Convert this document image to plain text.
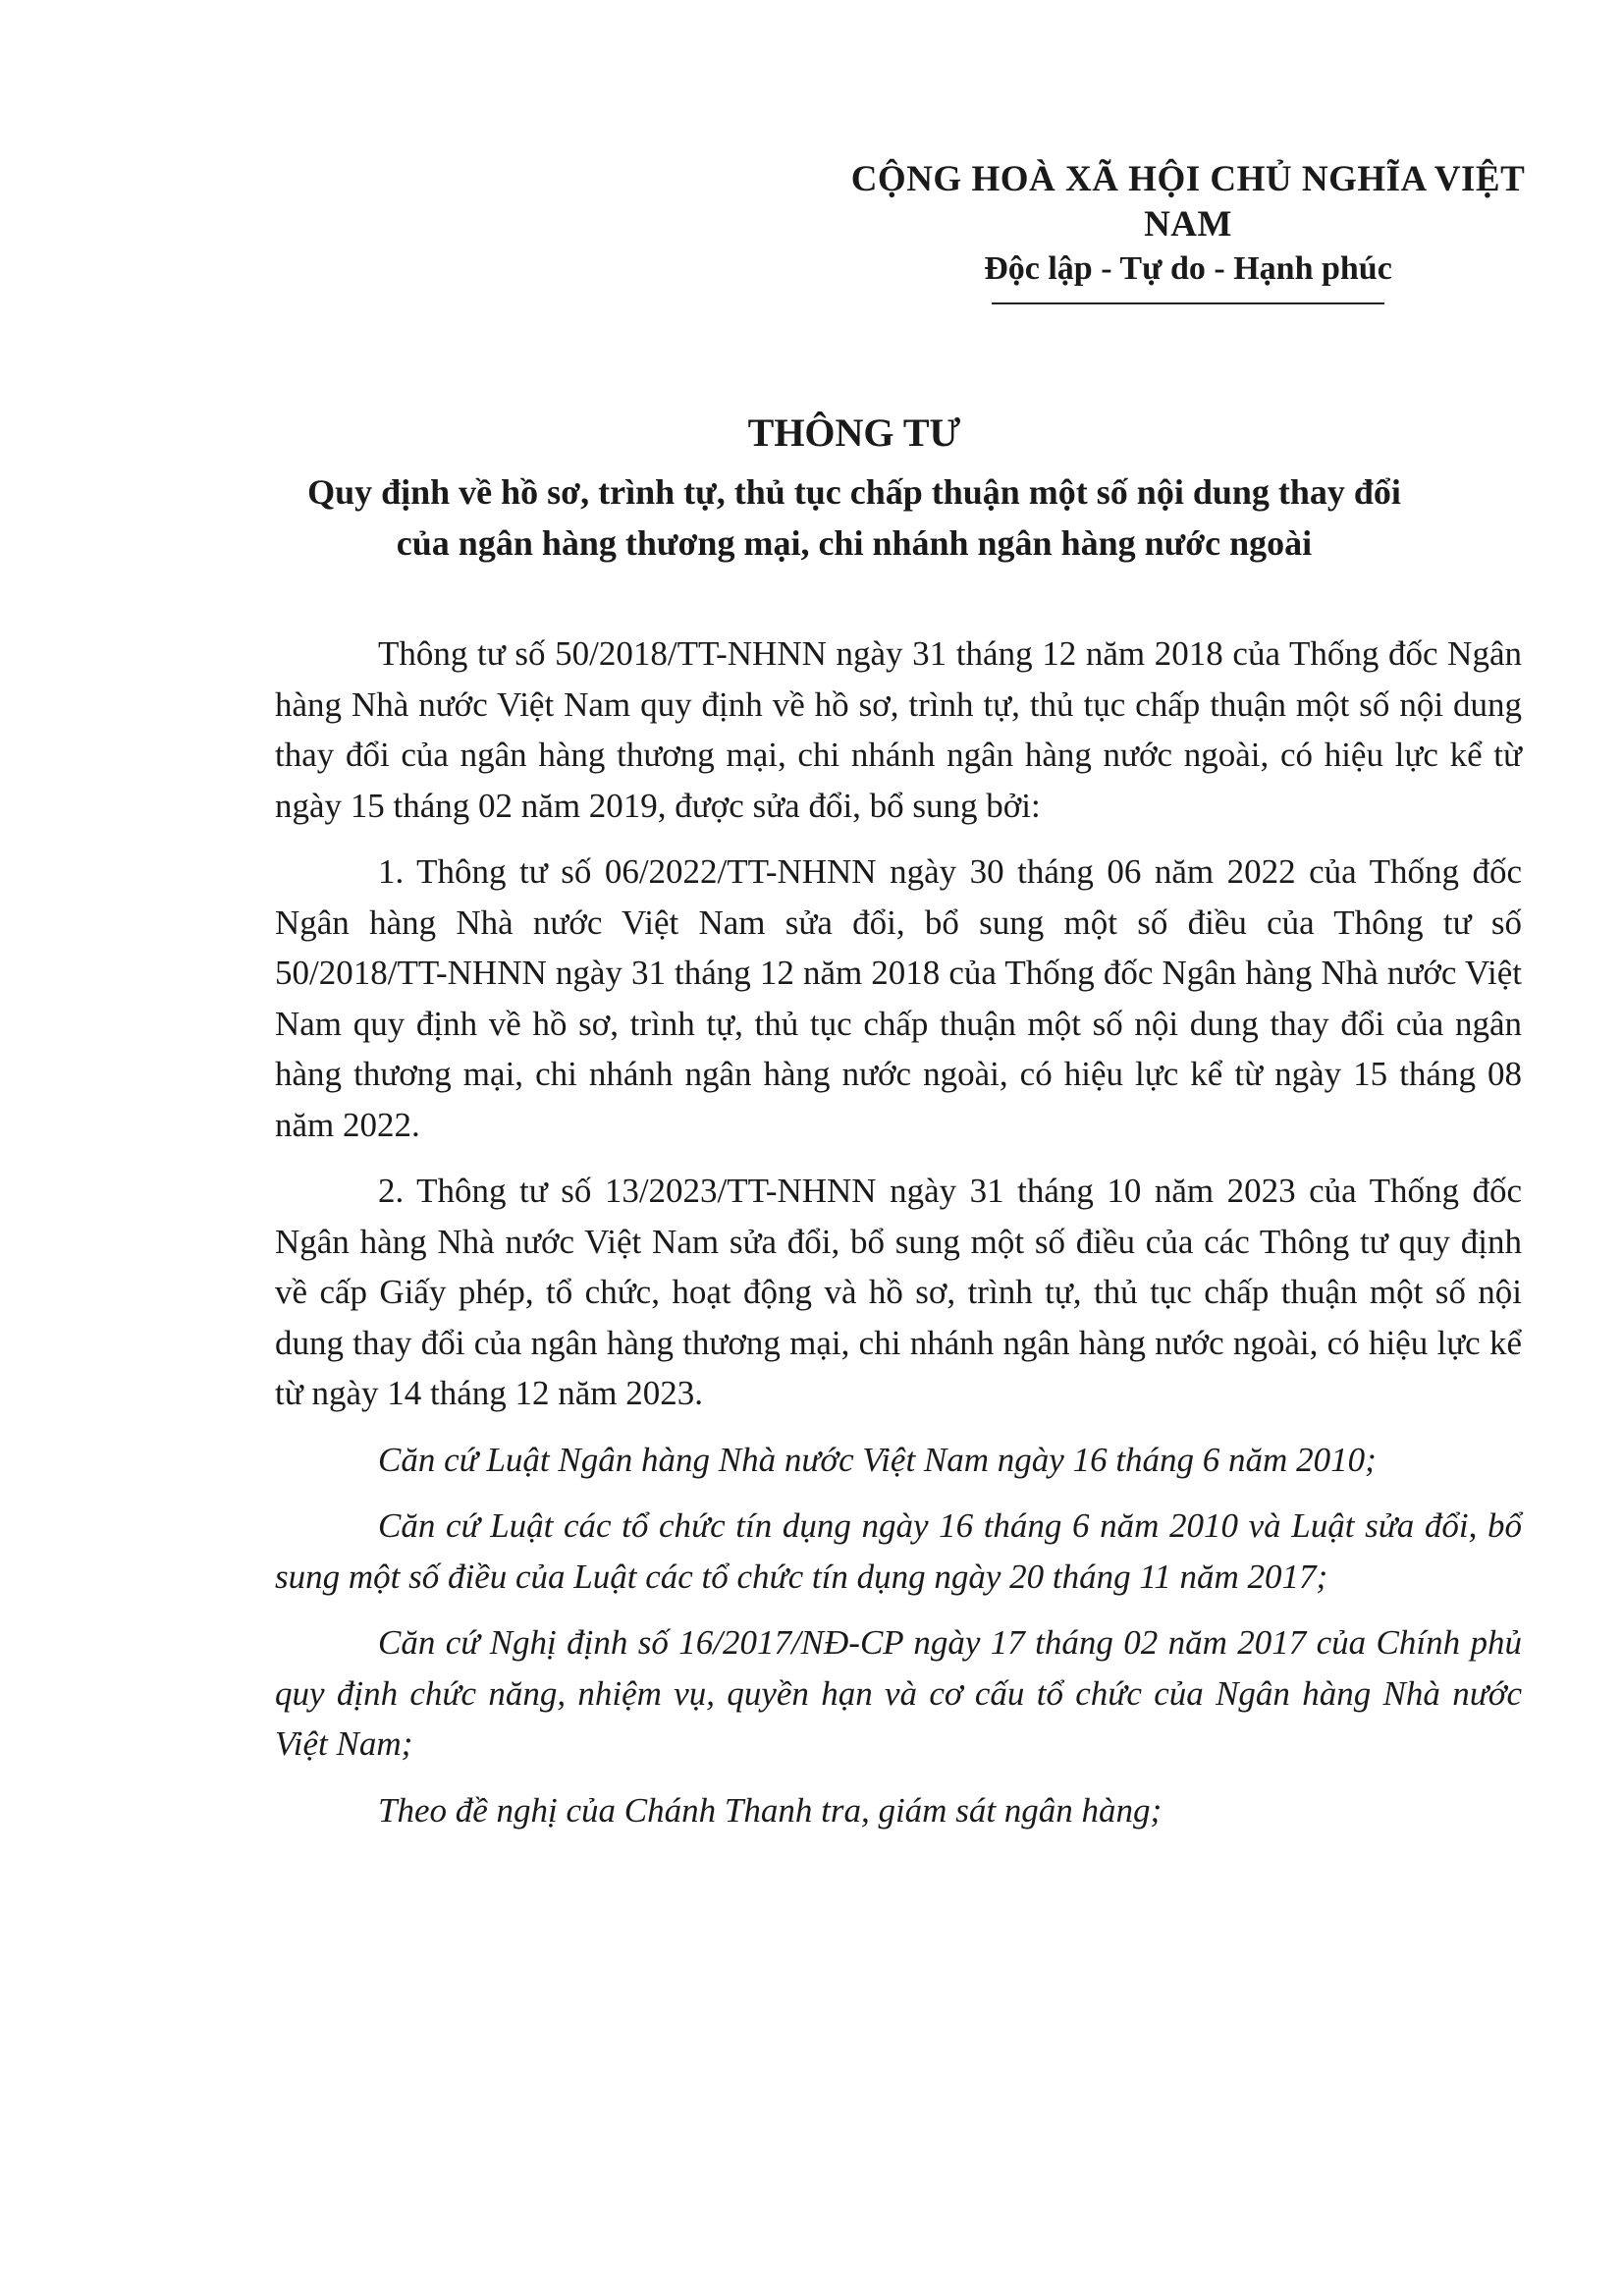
CỘNG HOÀ XÃ HỘI CHỦ NGHĨA VIỆT NAM
Độc lập - Tự do - Hạnh phúc
THÔNG TƯ
Quy định về hồ sơ, trình tự, thủ tục chấp thuận một số nội dung thay đổi
của ngân hàng thương mại, chi nhánh ngân hàng nước ngoài

Thông tư số 50/2018/TT-NHNN ngày 31 tháng 12 năm 2018 của Thống đốc Ngân hàng Nhà nước Việt Nam quy định về hồ sơ, trình tự, thủ tục chấp thuận một số nội dung thay đổi của ngân hàng thương mại, chi nhánh ngân hàng nước ngoài, có hiệu lực kể từ ngày 15 tháng 02 năm 2019, được sửa đổi, bổ sung bởi:

1. Thông tư số 06/2022/TT-NHNN ngày 30 tháng 06 năm 2022 của Thống đốc Ngân hàng Nhà nước Việt Nam sửa đổi, bổ sung một số điều của Thông tư số 50/2018/TT-NHNN ngày 31 tháng 12 năm 2018 của Thống đốc Ngân hàng Nhà nước Việt Nam quy định về hồ sơ, trình tự, thủ tục chấp thuận một số nội dung thay đổi của ngân hàng thương mại, chi nhánh ngân hàng nước ngoài, có hiệu lực kể từ ngày 15 tháng 08 năm 2022.

2. Thông tư số 13/2023/TT-NHNN ngày 31 tháng 10 năm 2023 của Thống đốc Ngân hàng Nhà nước Việt Nam sửa đổi, bổ sung một số điều của các Thông tư quy định về cấp Giấy phép, tổ chức, hoạt động và hồ sơ, trình tự, thủ tục chấp thuận một số nội dung thay đổi của ngân hàng thương mại, chi nhánh ngân hàng nước ngoài, có hiệu lực kể từ ngày 14 tháng 12 năm 2023.

Căn cứ Luật Ngân hàng Nhà nước Việt Nam ngày 16 tháng 6 năm 2010;

Căn cứ Luật các tổ chức tín dụng ngày 16 tháng 6 năm 2010 và Luật sửa đổi, bổ sung một số điều của Luật các tổ chức tín dụng ngày 20 tháng 11 năm 2017;

Căn cứ Nghị định số 16/2017/NĐ-CP ngày 17 tháng 02 năm 2017 của Chính phủ quy định chức năng, nhiệm vụ, quyền hạn và cơ cấu tổ chức của Ngân hàng Nhà nước Việt Nam;

Theo đề nghị của Chánh Thanh tra, giám sát ngân hàng;
